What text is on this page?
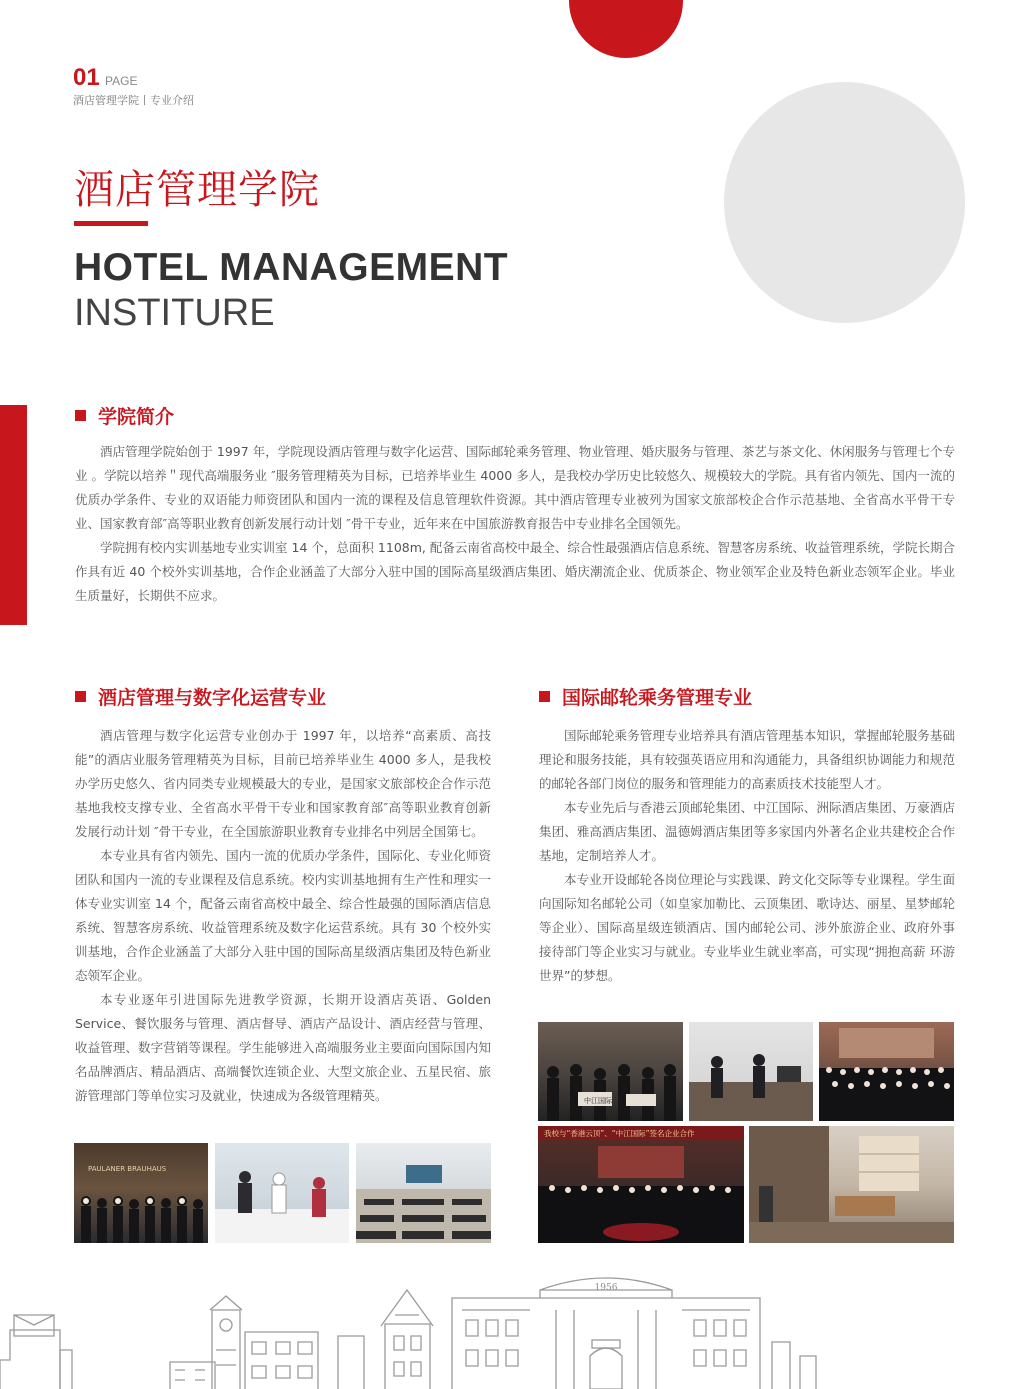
01 PAGE
酒店管理学院丨专业介绍
酒店管理学院
HOTEL MANAGEMENT
INSTITURE
学院简介

酒店管理学院始创于 1997 年，学院现设酒店管理与数字化运营、国际邮轮乘务管理、物业管理、婚庆服务与管理、茶艺与茶文化、休闲服务与管理七个专业 。学院以培养＂现代高端服务业 ″服务管理精英为目标，已培养毕业生 4000 多人，是我校办学历史比较悠久、规模较大的学院。具有省内领先、国内一流的优质办学条件、专业的双语能力师资团队和国内一流的课程及信息管理软件资源。其中酒店管理专业被列为国家文旅部校企合作示范基地、全省高水平骨干专业、国家教育部″高等职业教育创新发展行动计划 ″骨干专业，近年来在中国旅游教育报告中专业排名全国领先。

学院拥有校内实训基地专业实训室 14 个，总面积 1108m, 配备云南省高校中最全、综合性最强酒店信息系统、智慧客房系统、收益管理系统，学院长期合作具有近 40 个校外实训基地，合作企业涵盖了大部分入驻中国的国际高星级酒店集团、婚庆潮流企业、优质茶企、物业领军企业及特色新业态领军企业。毕业生质量好，长期供不应求。

酒店管理与数字化运营专业

酒店管理与数字化运营专业创办于 1997 年，以培养“高素质、高技能”的酒店业服务管理精英为目标，目前已培养毕业生 4000 多人，是我校办学历史悠久、省内同类专业规模最大的专业，是国家文旅部校企合作示范基地我校支撑专业、全省高水平骨干专业和国家教育部″高等职业教育创新发展行动计划 ″骨干专业，在全国旅游职业教育专业排名中列居全国第七。

本专业具有省内领先、国内一流的优质办学条件，国际化、专业化师资团队和国内一流的专业课程及信息系统。校内实训基地拥有生产性和理实一体专业实训室 14 个，配备云南省高校中最全、综合性最强的国际酒店信息系统、智慧客房系统、收益管理系统及数字化运营系统。具有 30 个校外实训基地，合作企业涵盖了大部分入驻中国的国际高星级酒店集团及特色新业态领军企业。

本专业逐年引进国际先进教学资源，长期开设酒店英语、Golden Service、餐饮服务与管理、酒店督导、酒店产品设计、酒店经营与管理、收益管理、数字营销等课程。学生能够进入高端服务业主要面向国际国内知名品牌酒店、精品酒店、高端餐饮连锁企业、大型文旅企业、五星民宿、旅游管理部门等单位实习及就业，快速成为各级管理精英。

PAULANER BRAUHAUS
国际邮轮乘务管理专业

国际邮轮乘务管理专业培养具有酒店管理基本知识，掌握邮轮服务基础理论和服务技能，具有较强英语应用和沟通能力，具备组织协调能力和规范的邮轮各部门岗位的服务和管理能力的高素质技术技能型人才。

本专业先后与香港云顶邮轮集团、中江国际、洲际酒店集团、万豪酒店集团、雅高酒店集团、温德姆酒店集团等多家国内外著名企业共建校企合作基地，定制培养人才。

本专业开设邮轮各岗位理论与实践课、跨文化交际等专业课程。学生面向国际知名邮轮公司（如皇家加勒比、云顶集团、歌诗达、丽星、星梦邮轮等企业）、国际高星级连锁酒店、国内邮轮公司、涉外旅游企业、政府外事接待部门等企业实习与就业。专业毕业生就业率高，可实现“拥抱高薪 环游世界”的梦想。

中江国际
我校与“香港云顶”、“中江国际”签名企业合作
1956
